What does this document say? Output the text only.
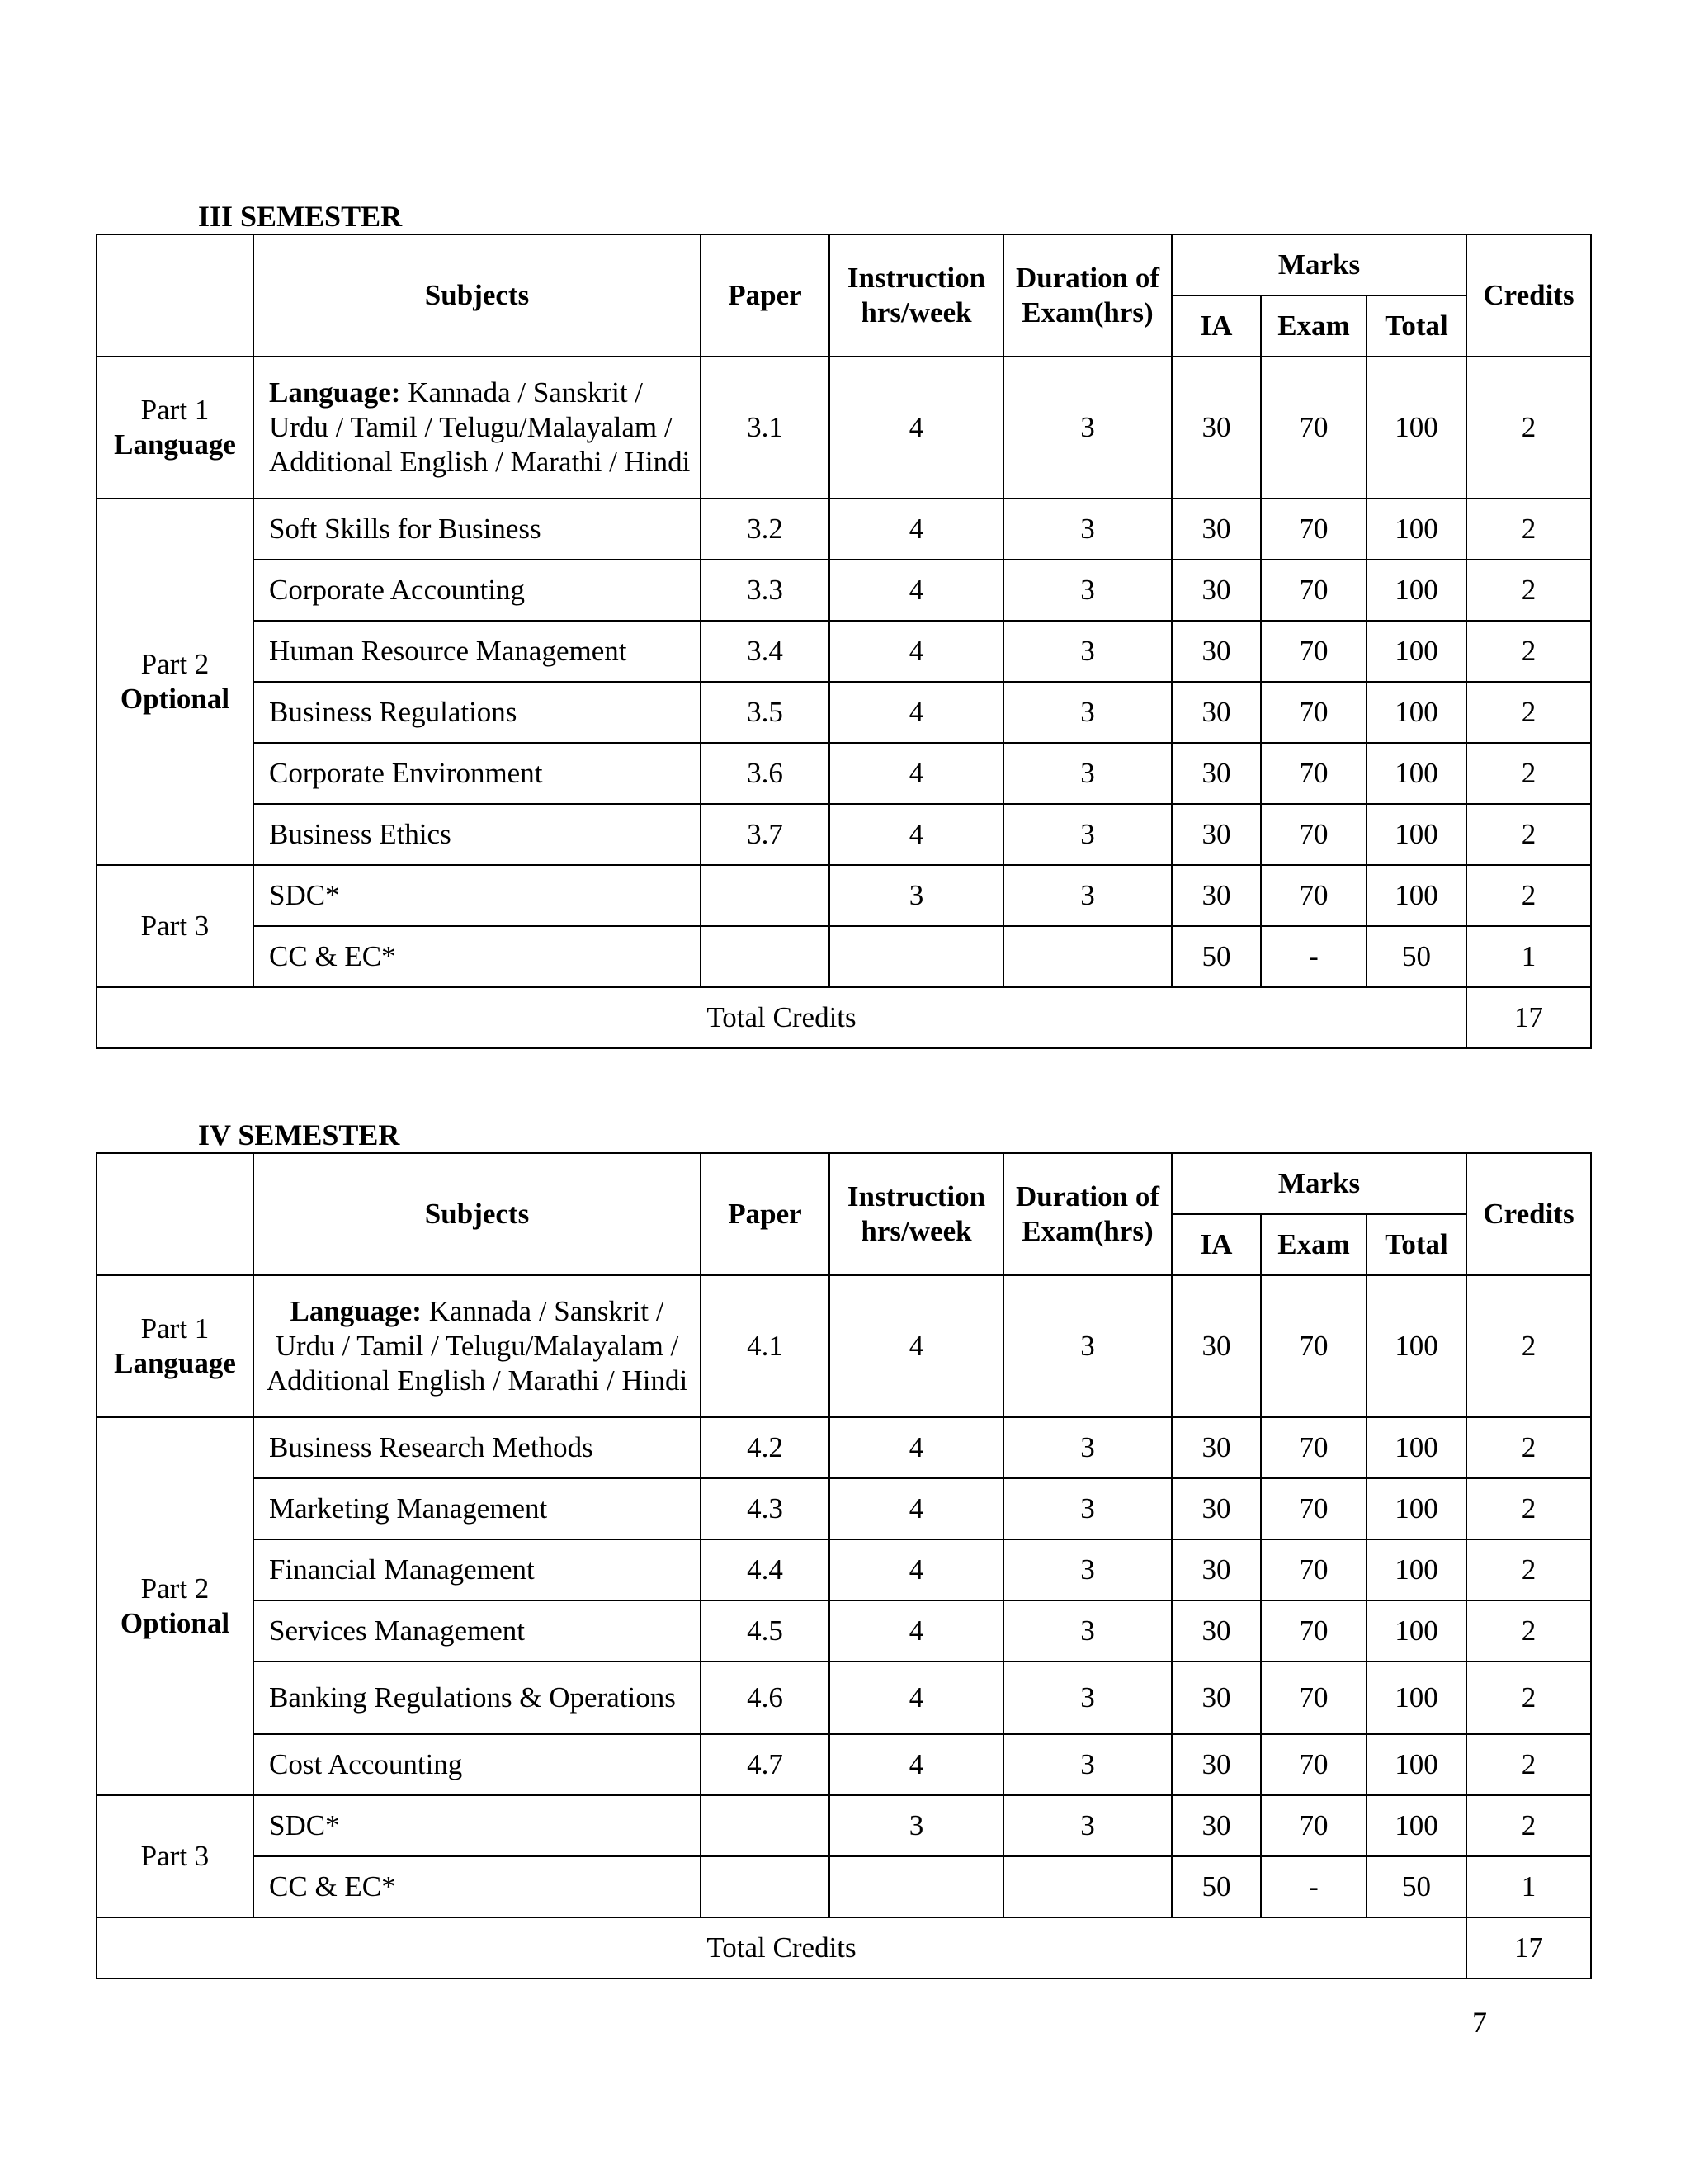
III SEMESTER
	Subjects	Paper	Instruction hrs/week	Duration of Exam(hrs)	Marks			Credits
					IA	Exam	Total	
Part 1
Language	Language: Kannada / Sanskrit / Urdu / Tamil / Telugu/Malayalam / Additional English / Marathi / Hindi	3.1	4	3	30	70	100	2
Part 2
Optional	Soft Skills for Business	3.2	4	3	30	70	100	2
	Corporate Accounting	3.3	4	3	30	70	100	2
	Human Resource Management	3.4	4	3	30	70	100	2
	Business Regulations	3.5	4	3	30	70	100	2
	Corporate Environment	3.6	4	3	30	70	100	2
	Business Ethics	3.7	4	3	30	70	100	2
Part 3	SDC*		3	3	30	70	100	2
	CC & EC*				50	-	50	1
Total Credits								17
IV SEMESTER
	Subjects	Paper	Instruction hrs/week	Duration of Exam(hrs)	Marks			Credits
					IA	Exam	Total	
Part 1
Language	Language: Kannada / Sanskrit / Urdu / Tamil / Telugu/Malayalam / Additional English / Marathi / Hindi	4.1	4	3	30	70	100	2
Part 2
Optional	Business Research Methods	4.2	4	3	30	70	100	2
	Marketing Management	4.3	4	3	30	70	100	2
	Financial Management	4.4	4	3	30	70	100	2
	Services Management	4.5	4	3	30	70	100	2
	Banking Regulations & Operations	4.6	4	3	30	70	100	2
	Cost Accounting	4.7	4	3	30	70	100	2
Part 3	SDC*		3	3	30	70	100	2
	CC & EC*				50	-	50	1
Total Credits								17
7
